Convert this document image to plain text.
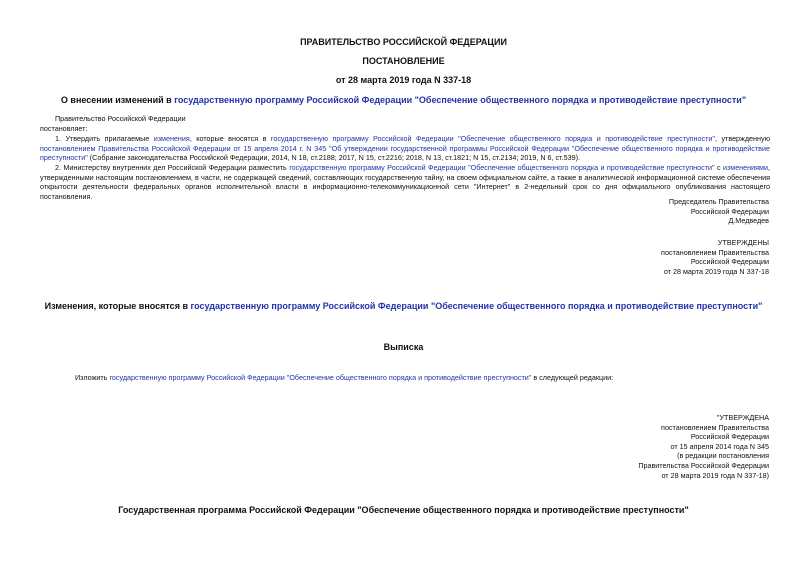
ПРАВИТЕЛЬСТВО РОССИЙСКОЙ ФЕДЕРАЦИИ
ПОСТАНОВЛЕНИЕ
от 28 марта 2019 года N 337-18
О внесении изменений в государственную программу Российской Федерации "Обеспечение общественного порядка и противодействие преступности"
Правительство Российской Федерации
постановляет:
1. Утвердить прилагаемые изменения, которые вносятся в государственную программу Российской Федерации "Обеспечение общественного порядка и противодействие преступности", утвержденную постановлением Правительства Российской Федерации от 15 апреля 2014 г. N 345 "Об утверждении государственной программы Российской Федерации "Обеспечение общественного порядка и противодействие преступности" (Собрание законодательства Российской Федерации, 2014, N 18, ст.2188; 2017, N 15, ст.2216; 2018, N 13, ст.1821; N 15, ст.2134; 2019, N 6, ст.539).
2. Министерству внутренних дел Российской Федерации разместить государственную программу Российской Федерации "Обеспечение общественного порядка и противодействие преступности" с изменениями, утвержденными настоящим постановлением, в части, не содержащей сведений, составляющих государственную тайну, на своем официальном сайте, а также в аналитической информационной системе обеспечения открытости деятельности федеральных органов исполнительной власти в информационно-телекоммуникационной сети "Интернет" в 2-недельный срок со дня официального опубликования настоящего постановления.
Председатель Правительства
Российской Федерации
Д.Медведев
УТВЕРЖДЕНЫ
постановлением Правительства
Российской Федерации
от 28 марта 2019 года N 337-18
Изменения, которые вносятся в государственную программу Российской Федерации "Обеспечение общественного порядка и противодействие преступности"
Выписка
Изложить государственную программу Российской Федерации "Обеспечение общественного порядка и противодействие преступности" в следующей редакции:
"УТВЕРЖДЕНА
постановлением Правительства
Российской Федерации
от 15 апреля 2014 года N 345
(в редакции постановления
Правительства Российской Федерации
от 28 марта 2019 года N 337-18)
Государственная программа Российской Федерации "Обеспечение общественного порядка и противодействие преступности"
